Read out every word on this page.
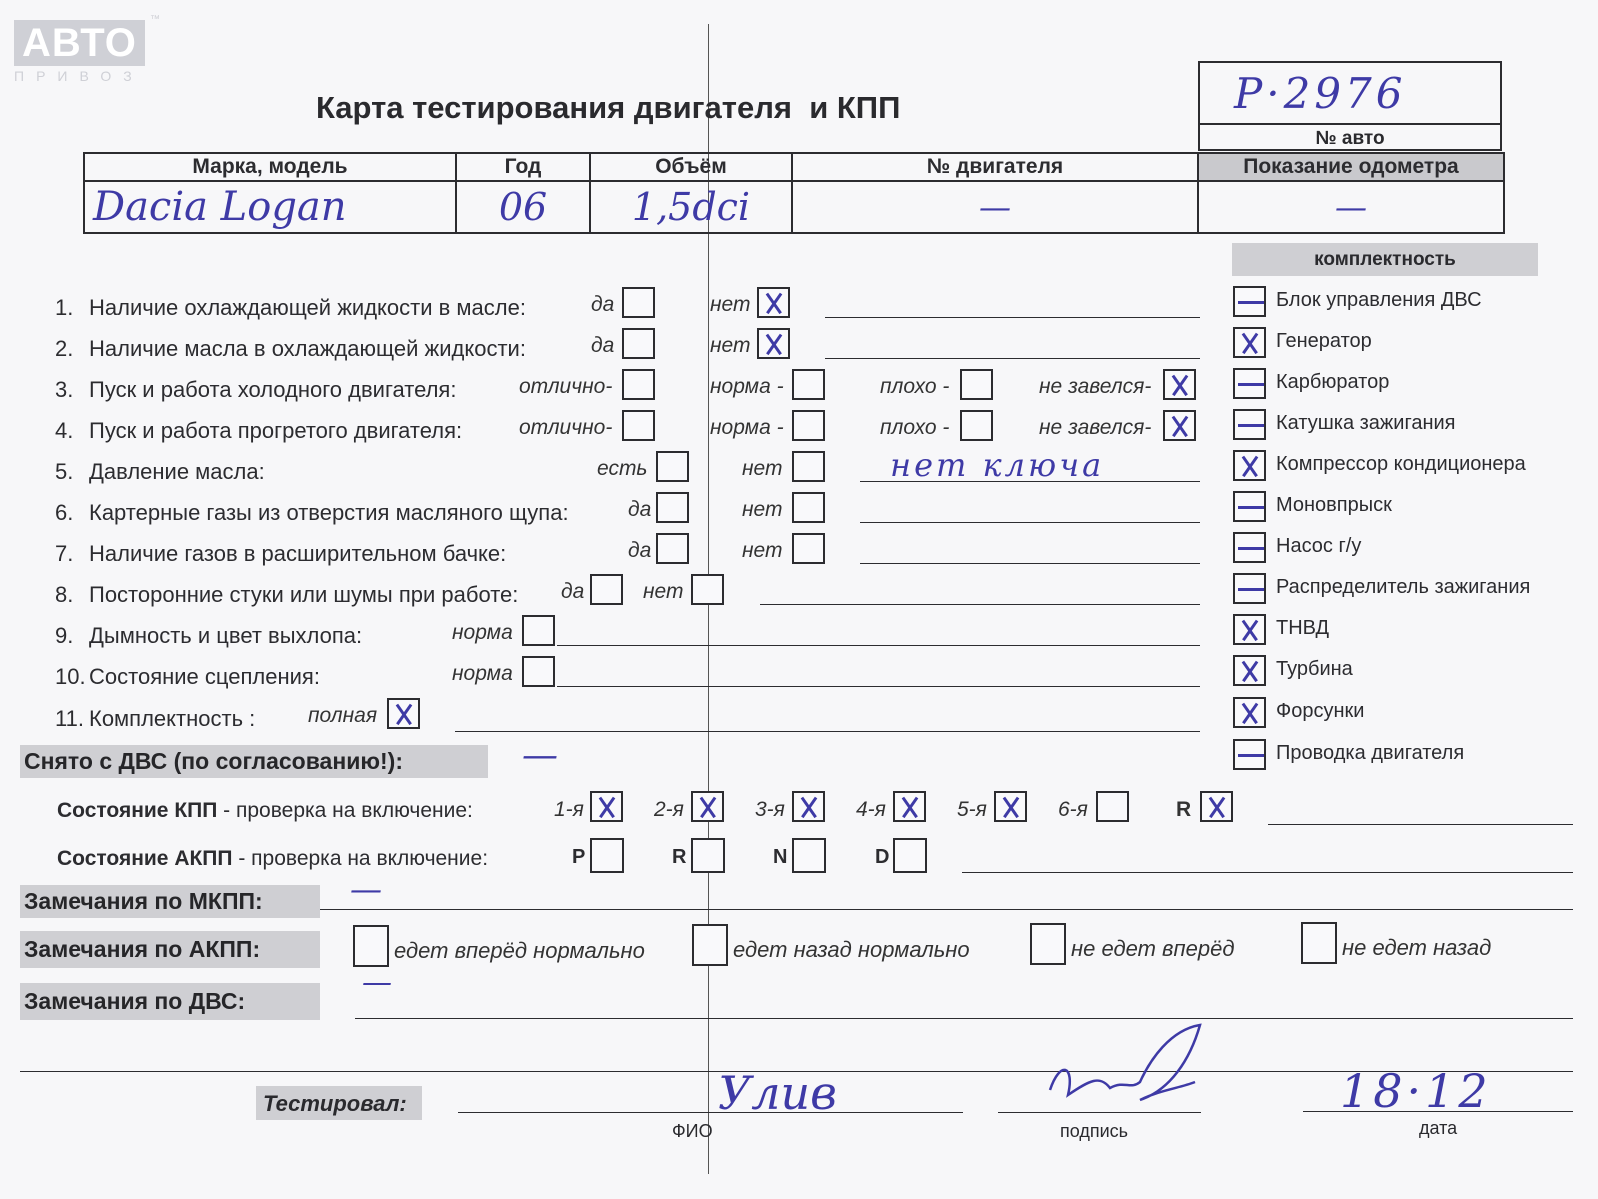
АВТО
ПРИВОЗ
™
Карта тестирования двигателя  и КПП	P·2976
№ авто
Марка, модель	Год	Объём	№ двигателя	Показание одометра
Dacia Logan	06	1,5dci	—	—
комплектность
Блок управления ДВС
Генератор
Карбюратор
Катушка зажигания
Компрессор кондиционера
Моновпрыск
Насос г/у
Распределитель зажигания
ТНВД
Турбина
Форсунки
Проводка двигателя
1. Наличие охлаждающей жидкости в масле:	да	нет
2. Наличие масла в охлаждающей жидкости:	да	нет
3. Пуск и работа холодного двигателя:	отлично-	норма -	плохо -	не завелся-
4. Пуск и работа прогретого двигателя:	отлично-	норма -	плохо -	не завелся-
5. Давление масла:	есть	нет	нет ключа
6. Картерные газы из отверстия масляного щупа:	да	нет
7. Наличие газов в расширительном бачке:	да	нет
8. Посторонние стуки или шумы при работе: да	нет
9. Дымность и цвет выхлопа:	норма
10. Состояние сцепления:	норма
11. Комплектность :	полная
Снято с ДВС (по согласованию!):	—
Состояние КПП - проверка на включение:	1-я	2-я	3-я	4-я	5-я	6-я	R
Состояние АКПП - проверка на включение:	P	R	N	D
Замечания по МКПП:	—
Замечания по АКПП:	едет вперёд нормально	едет назад нормально	не едет вперёд	не едет назад
Замечания по ДВС:
—
Тестировал:	Улив
ФИО	подпись
18·12
дата
